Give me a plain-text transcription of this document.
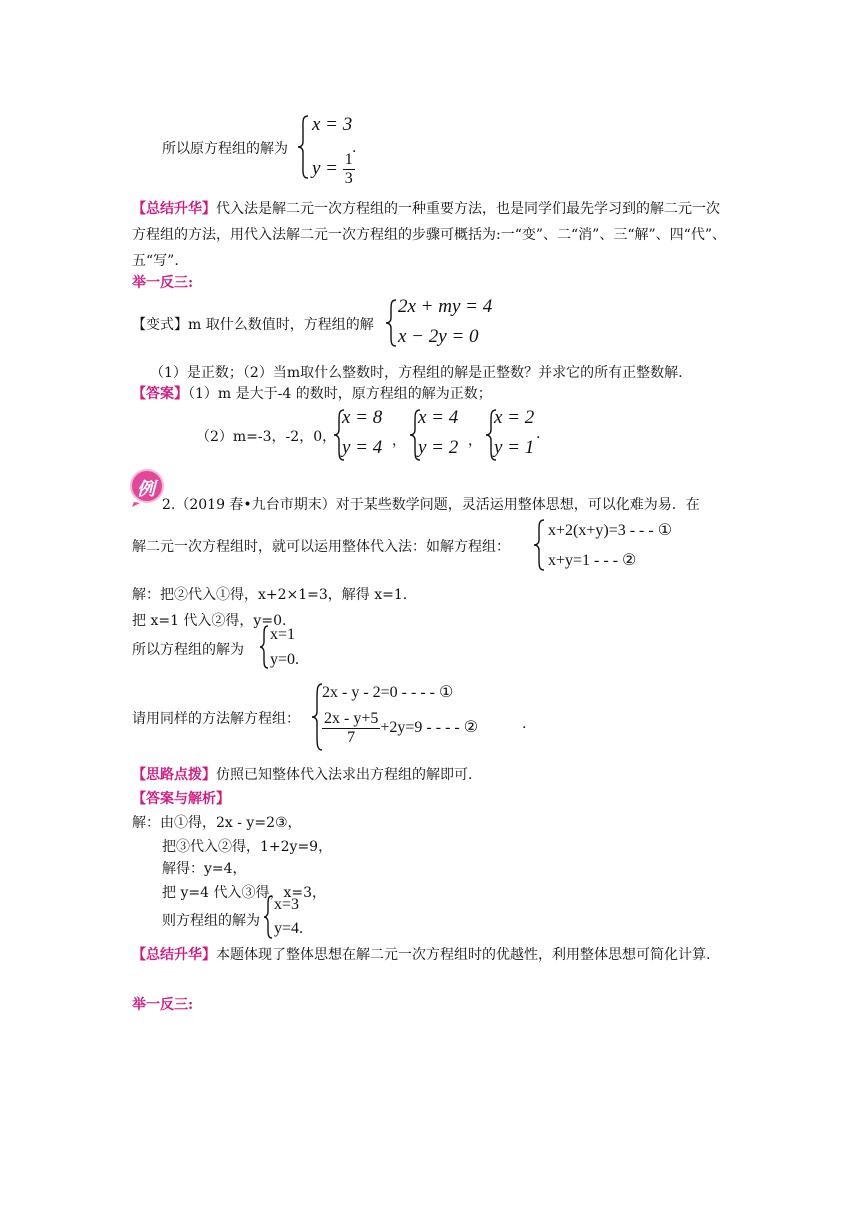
所以原方程组的解为
x = 3
$y = \frac{1}{3}$
.
【总结升华】代入法是解二元一次方程组的一种重要方法，也是同学们最先学习到的解二元一次方程组的方法，用代入法解二元一次方程组的步骤可概括为:一“变”、二“消”、三“解”、四“代”、五“写”.
举一反三:
【变式】m 取什么数值时，方程组的解
2x + my = 4
x − 2y = 0
（1）是正数；（2）当m取什么整数时，方程组的解是正整数？并求它的所有正整数解.
【答案】（1）m 是大于-4 的数时，原方程组的解为正数；
（2）m=-3，-2，0，
x = 8
y = 4 ，
x = 4
y = 2 ，
x = 2
y = 1
.
例
2.（2019 春•九台市期末）对于某些数学问题，灵活运用整体思想，可以化难为易．在
解二元一次方程组时，就可以运用整体代入法：如解方程组：
x+2(x+y)=3 - - - ①
x+y=1 - - - ②
解：把②代入①得，x+2×1=3，解得 x=1.
把 x=1 代入②得，y=0.
所以方程组的解为
x=1
y=0.
请用同样的方法解方程组：
2x - y - 2=0 - - - - ①
$\frac{2x - y+5}{7} +2y=9$ - - - - ②	.
【思路点拨】仿照已知整体代入法求出方程组的解即可.
【答案与解析】
解：由①得，2x - y=2③，
把③代入②得，1+2y=9，
解得：y=4，
把 y=4 代入③得，x=3，
则方程组的解为
x=3
y=4.
【总结升华】本题体现了整体思想在解二元一次方程组时的优越性，利用整体思想可简化计算.
举一反三:
